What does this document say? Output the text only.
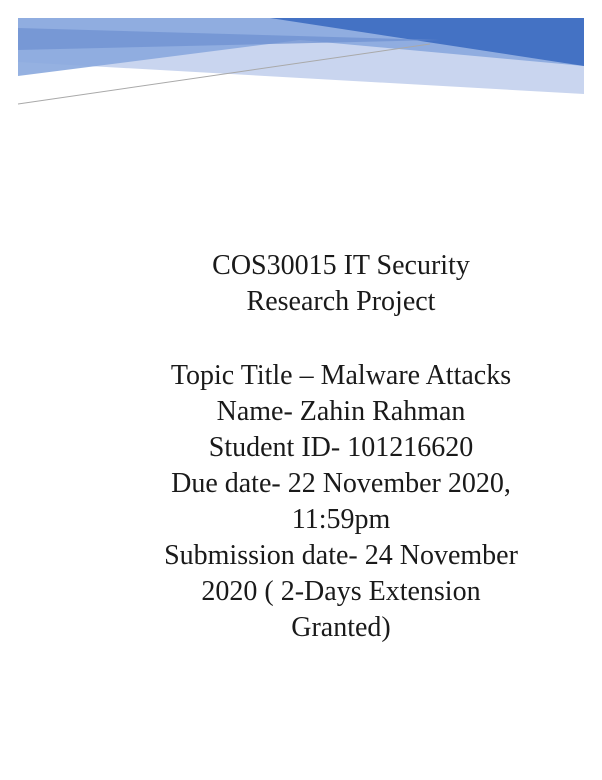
COS30015 IT Security
Research Project
Topic Title – Malware Attacks
Name- Zahin Rahman
Student ID- 101216620
Due date- 22 November 2020,
11:59pm
Submission date- 24 November
2020 ( 2-Days Extension
Granted)
